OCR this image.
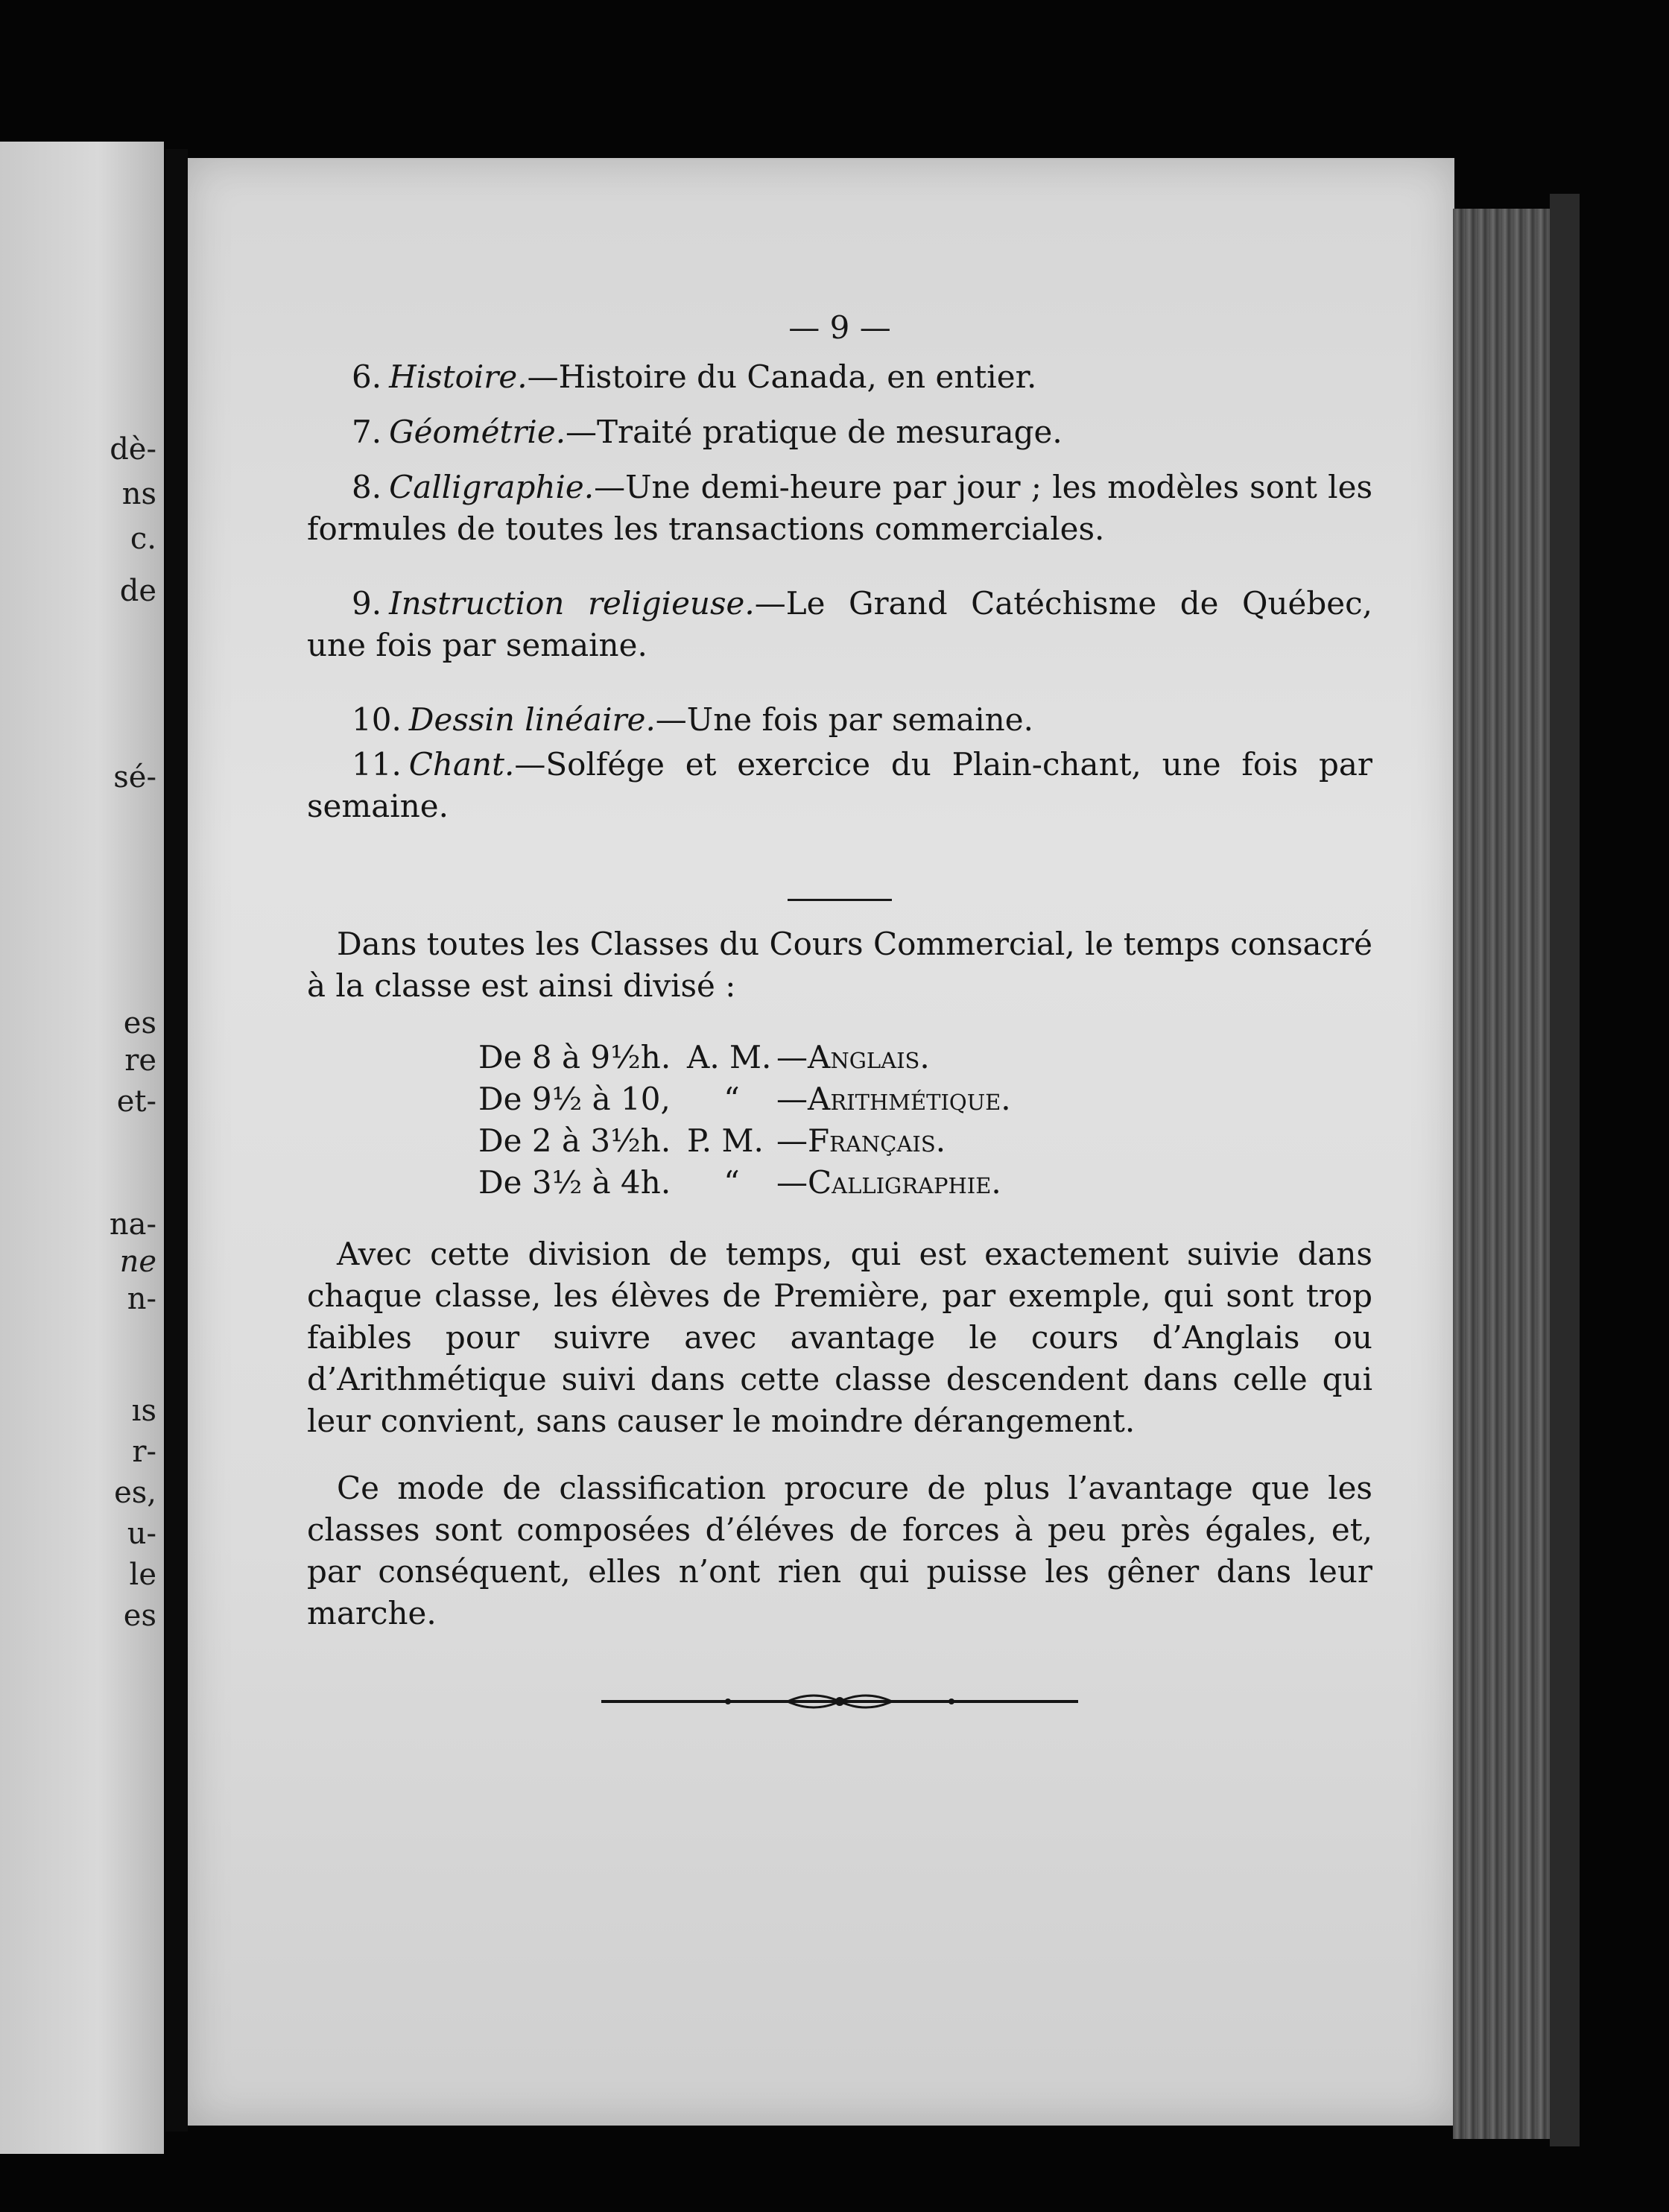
dè-

ns

c.

de

sé-

es

re

et-

na-

ne

n-

ıs

r-

es,

u-

le

es

— 9 —

6. Histoire.—Histoire du Canada, en entier.

7. Géométrie.—Traité pratique de mesurage.

8. Calligraphie.—Une demi-heure par jour ; les modèles sont les formules de toutes les transactions commerciales.

9. Instruction religieuse.—Le Grand Catéchisme de Québec, une fois par semaine.

10. Dessin linéaire.—Une fois par semaine.

11. Chant.—Solfége et exercice du Plain-chant, une fois par semaine.

Dans toutes les Classes du Cours Commercial, le temps consacré à la classe est ainsi divisé :

De 8 à 9½h. A. M. —Anglais.
De 9½ à 10,	“	—Arithmétique.
De 2 à 3½h. P. M. —Français.
De 3½ à 4h.	“	—Calligraphie.

Avec cette division de temps, qui est exactement suivie dans chaque classe, les élèves de Première, par exemple, qui sont trop faibles pour suivre avec avantage le cours d’Anglais ou d’Arithmétique suivi dans cette classe descendent dans celle qui leur convient, sans causer le moindre dérangement.

Ce mode de classification procure de plus l’avantage que les classes sont composées d’éléves de forces à peu près égales, et, par conséquent, elles n’ont rien qui puisse les gêner dans leur marche.
